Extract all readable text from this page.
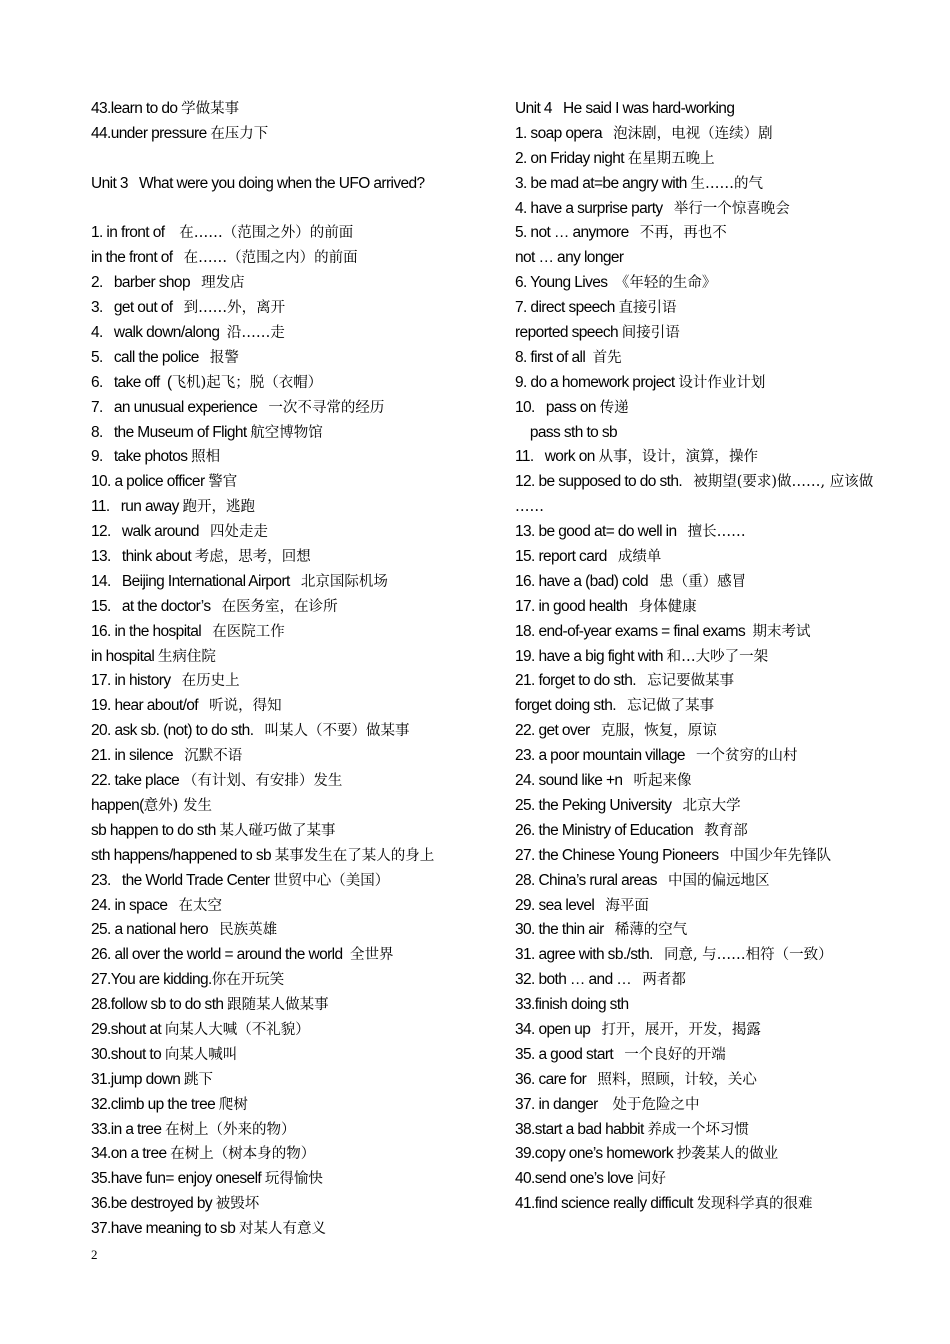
43.learn to do 学做某事
44.under pressure 在压力下
Unit 3   What were you doing when the UFO arrived?
1. in front of    在……（范围之外）的前面
in the front of   在……（范围之内）的前面
2.   barber shop   理发店
3.   get out of   到……外，离开
4.   walk down/along  沿……走
5.   call the police   报警
6.   take off  (飞机)起飞；脱（衣帽）
7.   an unusual experience   一次不寻常的经历
8.   the Museum of Flight 航空博物馆
9.   take photos 照相
10. a police officer 警官
11.   run away 跑开，逃跑
12.   walk around   四处走走
13.   think about 考虑，思考，回想
14.   Beijing International Airport   北京国际机场
15.   at the doctor’s   在医务室，在诊所
16. in the hospital   在医院工作
in hospital 生病住院
17. in history   在历史上
19. hear about/of   听说，得知
20. ask sb. (not) to do sth.   叫某人（不要）做某事
21. in silence   沉默不语
22. take place （有计划、有安排）发生
happen(意外) 发生
sb happen to do sth 某人碰巧做了某事
sth happens/happened to sb 某事发生在了某人的身上
23.   the World Trade Center 世贸中心（美国）
24. in space   在太空
25. a national hero   民族英雄
26. all over the world = around the world  全世界
27.You are kidding.你在开玩笑
28.follow sb to do sth 跟随某人做某事
29.shout at 向某人大喊（不礼貌）
30.shout to 向某人喊叫
31.jump down 跳下
32.climb up the tree 爬树
33.in a tree 在树上（外来的物）
34.on a tree 在树上（树本身的物）
35.have fun= enjoy oneself 玩得愉快
36.be destroyed by 被毁坏
37.have meaning to sb 对某人有意义
Unit 4   He said I was hard-working
1. soap opera   泡沫剧，电视（连续）剧
2. on Friday night 在星期五晚上
3. be mad at=be angry with 生……的气
4. have a surprise party   举行一个惊喜晚会
5. not … anymore   不再，再也不
not … any longer
6. Young Lives  《年轻的生命》
7. direct speech 直接引语
reported speech 间接引语
8. first of all  首先
9. do a homework project 设计作业计划
10.   pass on 传递
pass sth to sb
11.   work on 从事，设计，演算，操作
12. be supposed to do sth.   被期望(要求)做……, 应该做
……
13. be good at= do well in   擅长……
15. report card   成绩单
16. have a (bad) cold   患（重）感冒
17. in good health   身体健康
18. end-of-year exams = final exams  期末考试
19. have a big fight with 和…大吵了一架
21. forget to do sth.   忘记要做某事
forget doing sth.   忘记做了某事
22. get over   克服，恢复，原谅
23. a poor mountain village   一个贫穷的山村
24. sound like +n   听起来像
25. the Peking University   北京大学
26. the Ministry of Education   教育部
27. the Chinese Young Pioneers   中国少年先锋队
28. China’s rural areas   中国的偏远地区
29. sea level   海平面
30. the thin air   稀薄的空气
31. agree with sb./sth.   同意, 与……相符（一致）
32. both … and …   两者都
33.finish doing sth
34. open up   打开，展开，开发，揭露
35. a good start   一个良好的开端
36. care for   照料，照顾，计较，关心
37. in danger    处于危险之中
38.start a bad habbit 养成一个坏习惯
39.copy one’s homework 抄袭某人的做业
40.send one’s love 问好
41.find science really difficult 发现科学真的很难
2
